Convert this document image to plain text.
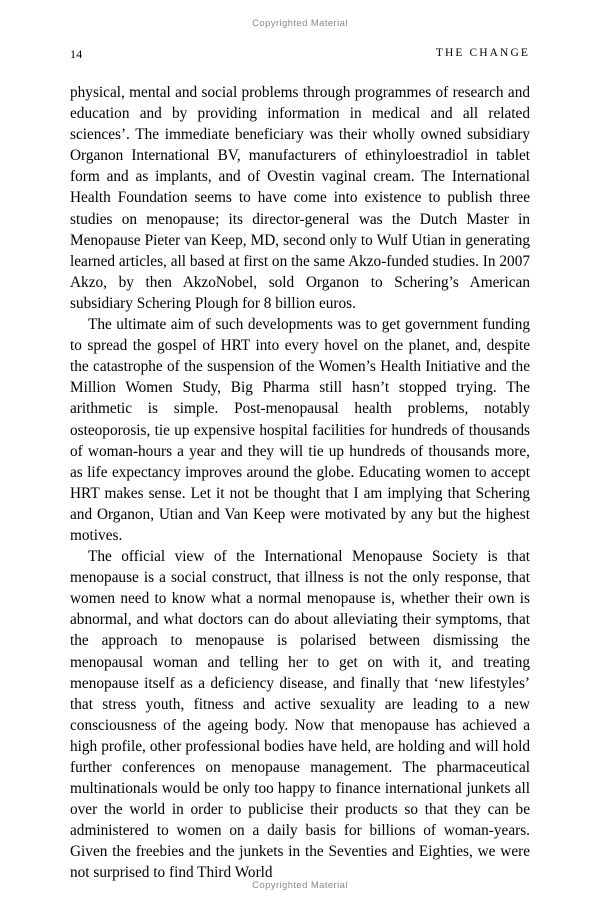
Copyrighted Material
14	THE CHANGE

physical, mental and social problems through programmes of research and education and by providing information in medical and all related sciences’. The immediate beneficiary was their wholly owned subsidiary Organon International BV, manufacturers of ethinyloestradiol in tablet form and as implants, and of Ovestin vaginal cream. The International Health Foundation seems to have come into existence to publish three studies on menopause; its director-general was the Dutch Master in Menopause Pieter van Keep, MD, second only to Wulf Utian in generating learned articles, all based at first on the same Akzo-funded studies. In 2007 Akzo, by then AkzoNobel, sold Organon to Schering’s American subsidiary Schering Plough for 8 billion euros.

The ultimate aim of such developments was to get government funding to spread the gospel of HRT into every hovel on the planet, and, despite the catastrophe of the suspension of the Women’s Health Initiative and the Million Women Study, Big Pharma still hasn’t stopped trying. The arithmetic is simple. Post-menopausal health problems, notably osteoporosis, tie up expensive hospital facilities for hundreds of thousands of woman-hours a year and they will tie up hundreds of thousands more, as life expectancy improves around the globe. Educating women to accept HRT makes sense. Let it not be thought that I am implying that Schering and Organon, Utian and Van Keep were motivated by any but the highest motives.

The official view of the International Menopause Society is that menopause is a social construct, that illness is not the only response, that women need to know what a normal menopause is, whether their own is abnormal, and what doctors can do about alleviating their symptoms, that the approach to menopause is polarised between dismissing the menopausal woman and telling her to get on with it, and treating menopause itself as a deficiency disease, and finally that ‘new lifestyles’ that stress youth, fitness and active sexuality are leading to a new consciousness of the ageing body. Now that menopause has achieved a high profile, other professional bodies have held, are holding and will hold further conferences on menopause management. The pharmaceutical multinationals would be only too happy to finance international junkets all over the world in order to publicise their products so that they can be administered to women on a daily basis for billions of woman-years. Given the freebies and the junkets in the Seventies and Eighties, we were not surprised to find Third World

Copyrighted Material
